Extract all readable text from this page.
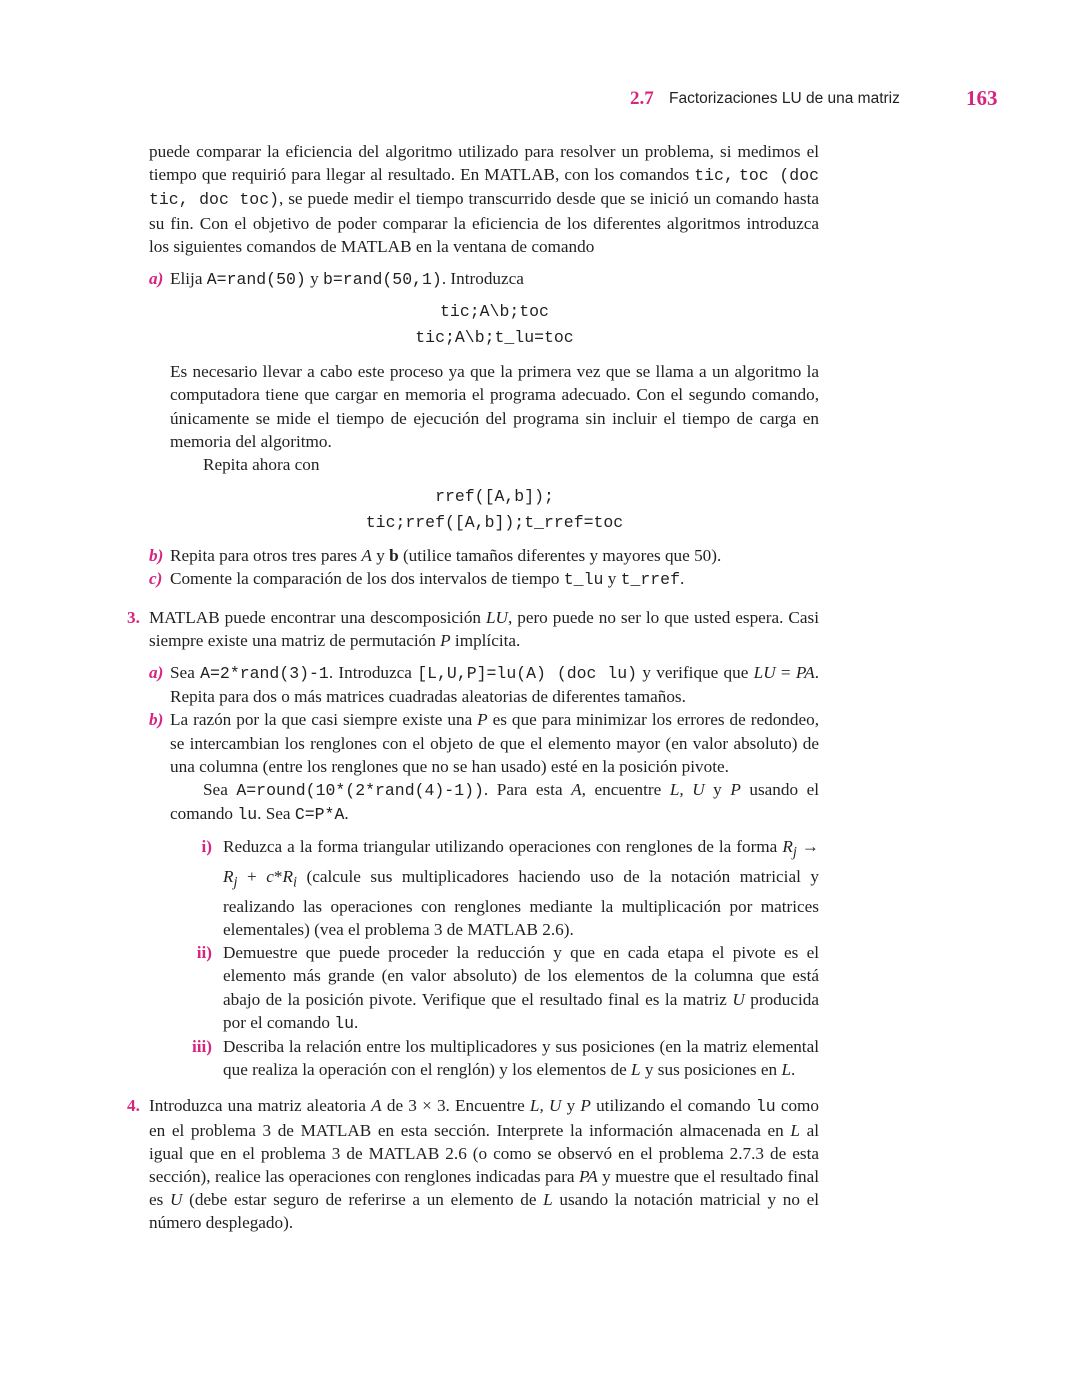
2.7 Factorizaciones LU de una matriz	163

puede comparar la eficiencia del algoritmo utilizado para resolver un problema, si medimos el tiempo que requirió para llegar al resultado. En MATLAB, con los comandos tic, toc (doc tic, doc toc), se puede medir el tiempo transcurrido desde que se inició un comando hasta su fin. Con el objetivo de poder comparar la eficiencia de los diferentes algoritmos introduzca los siguientes comandos de MATLAB en la ventana de comando

a) Elija A=rand(50) y b=rand(50,1). Introduzca

tic;A\b;toc

tic;A\b;t_lu=toc

Es necesario llevar a cabo este proceso ya que la primera vez que se llama a un algoritmo la computadora tiene que cargar en memoria el programa adecuado. Con el segundo comando, únicamente se mide el tiempo de ejecución del programa sin incluir el tiempo de carga en memoria del algoritmo.

Repita ahora con

rref([A,b]);

tic;rref([A,b]);t_rref=toc

b) Repita para otros tres pares A y b (utilice tamaños diferentes y mayores que 50).

c) Comente la comparación de los dos intervalos de tiempo t_lu y t_rref.

3. MATLAB puede encontrar una descomposición LU, pero puede no ser lo que usted espera. Casi siempre existe una matriz de permutación P implícita.

a) Sea A=2*rand(3)-1. Introduzca [L,U,P]=lu(A) (doc lu) y verifique que LU = PA. Repita para dos o más matrices cuadradas aleatorias de diferentes tamaños.

b) La razón por la que casi siempre existe una P es que para minimizar los errores de redondeo, se intercambian los renglones con el objeto de que el elemento mayor (en valor absoluto) de una columna (entre los renglones que no se han usado) esté en la posición pivote.

Sea A=round(10*(2*rand(4)-1)). Para esta A, encuentre L, U y P usando el comando lu. Sea C=P*A.

i) Reduzca a la forma triangular utilizando operaciones con renglones de la forma $R_j \to R_j + c*R_i$ (calcule sus multiplicadores haciendo uso de la notación matricial y realizando las operaciones con renglones mediante la multiplicación por matrices elementales) (vea el problema 3 de MATLAB 2.6).

ii) Demuestre que puede proceder la reducción y que en cada etapa el pivote es el elemento más grande (en valor absoluto) de los elementos de la columna que está abajo de la posición pivote. Verifique que el resultado final es la matriz U producida por el comando lu.

iii) Describa la relación entre los multiplicadores y sus posiciones (en la matriz elemental que realiza la operación con el renglón) y los elementos de L y sus posiciones en L.

4. Introduzca una matriz aleatoria A de 3 × 3. Encuentre L, U y P utilizando el comando lu como en el problema 3 de MATLAB en esta sección. Interprete la información almacenada en L al igual que en el problema 3 de MATLAB 2.6 (o como se observó en el problema 2.7.3 de esta sección), realice las operaciones con renglones indicadas para PA y muestre que el resultado final es U (debe estar seguro de referirse a un elemento de L usando la notación matricial y no el número desplegado).
